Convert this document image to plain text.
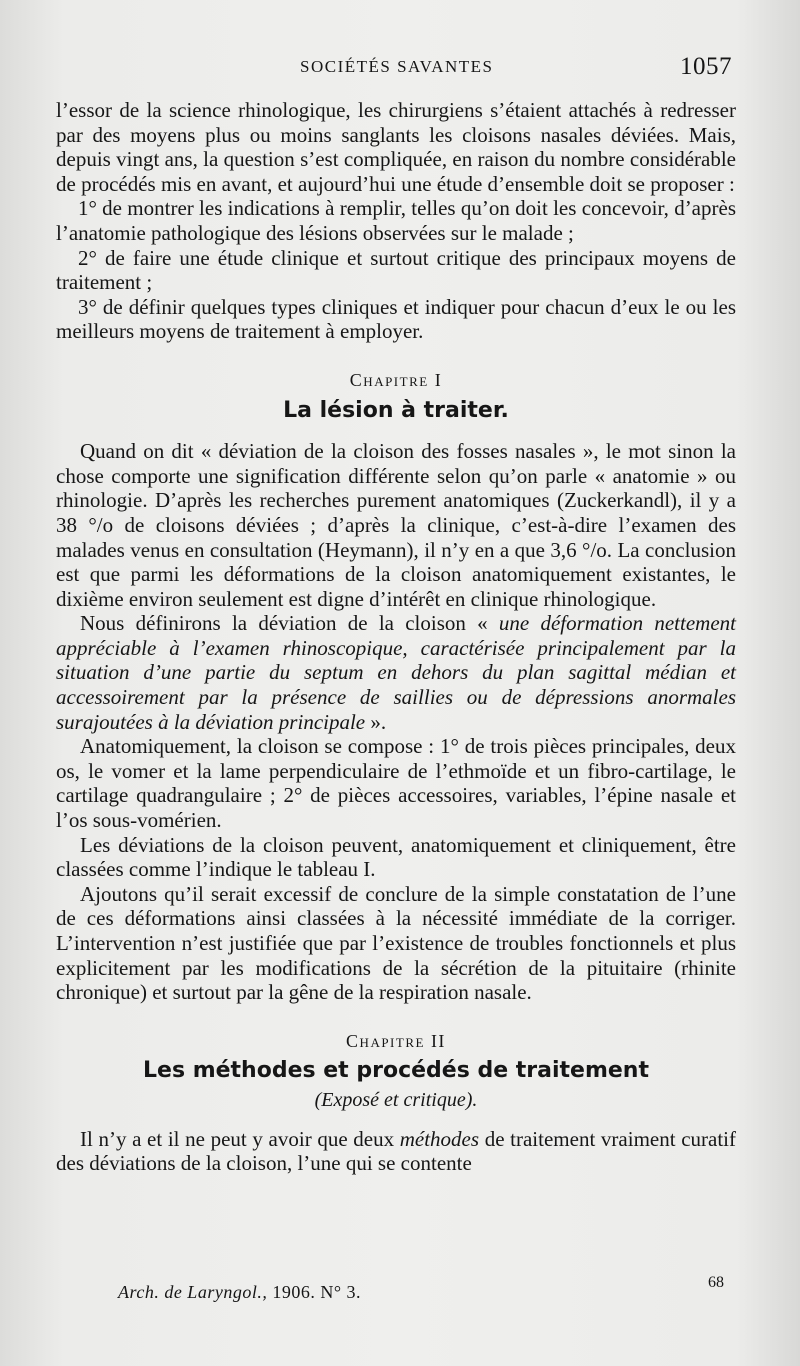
SOCIÉTÉS SAVANTES	1057

l’essor de la science rhinologique, les chirurgiens s’étaient attachés à redresser par des moyens plus ou moins sanglants les cloisons nasales déviées. Mais, depuis vingt ans, la question s’est compliquée, en raison du nombre considérable de procédés mis en avant, et aujourd’hui une étude d’ensemble doit se proposer :

1° de montrer les indications à remplir, telles qu’on doit les concevoir, d’après l’anatomie pathologique des lésions observées sur le malade ;

2° de faire une étude clinique et surtout critique des principaux moyens de traitement ;

3° de définir quelques types cliniques et indiquer pour chacun d’eux le ou les meilleurs moyens de traitement à employer.

Chapitre I
La lésion à traiter.

Quand on dit « déviation de la cloison des fosses nasales », le mot sinon la chose comporte une signification différente selon qu’on parle « anatomie » ou rhinologie. D’après les recherches purement anatomiques (Zuckerkandl), il y a 38 °/o de cloisons déviées ; d’après la clinique, c’est-à-dire l’examen des malades venus en consultation (Heymann), il n’y en a que 3,6 °/o. La conclusion est que parmi les déformations de la cloison anatomiquement existantes, le dixième environ seulement est digne d’intérêt en clinique rhinologique.

Nous définirons la déviation de la cloison « une déformation nettement appréciable à l’examen rhinoscopique, caractérisée principalement par la situation d’une partie du septum en dehors du plan sagittal médian et accessoirement par la présence de saillies ou de dépressions anormales surajoutées à la déviation principale ».

Anatomiquement, la cloison se compose : 1° de trois pièces principales, deux os, le vomer et la lame perpendiculaire de l’ethmoïde et un fibro-cartilage, le cartilage quadrangulaire ; 2° de pièces accessoires, variables, l’épine nasale et l’os sous-vomérien.

Les déviations de la cloison peuvent, anatomiquement et cliniquement, être classées comme l’indique le tableau I.

Ajoutons qu’il serait excessif de conclure de la simple constatation de l’une de ces déformations ainsi classées à la nécessité immédiate de la corriger. L’intervention n’est justifiée que par l’existence de troubles fonctionnels et plus explicitement par les modifications de la sécrétion de la pituitaire (rhinite chronique) et surtout par la gêne de la respiration nasale.

Chapitre II
Les méthodes et procédés de traitement
(Exposé et critique).

Il n’y a et il ne peut y avoir que deux méthodes de traitement vraiment curatif des déviations de la cloison, l’une qui se contente

Arch. de Laryngol., 1906. N° 3.	68
